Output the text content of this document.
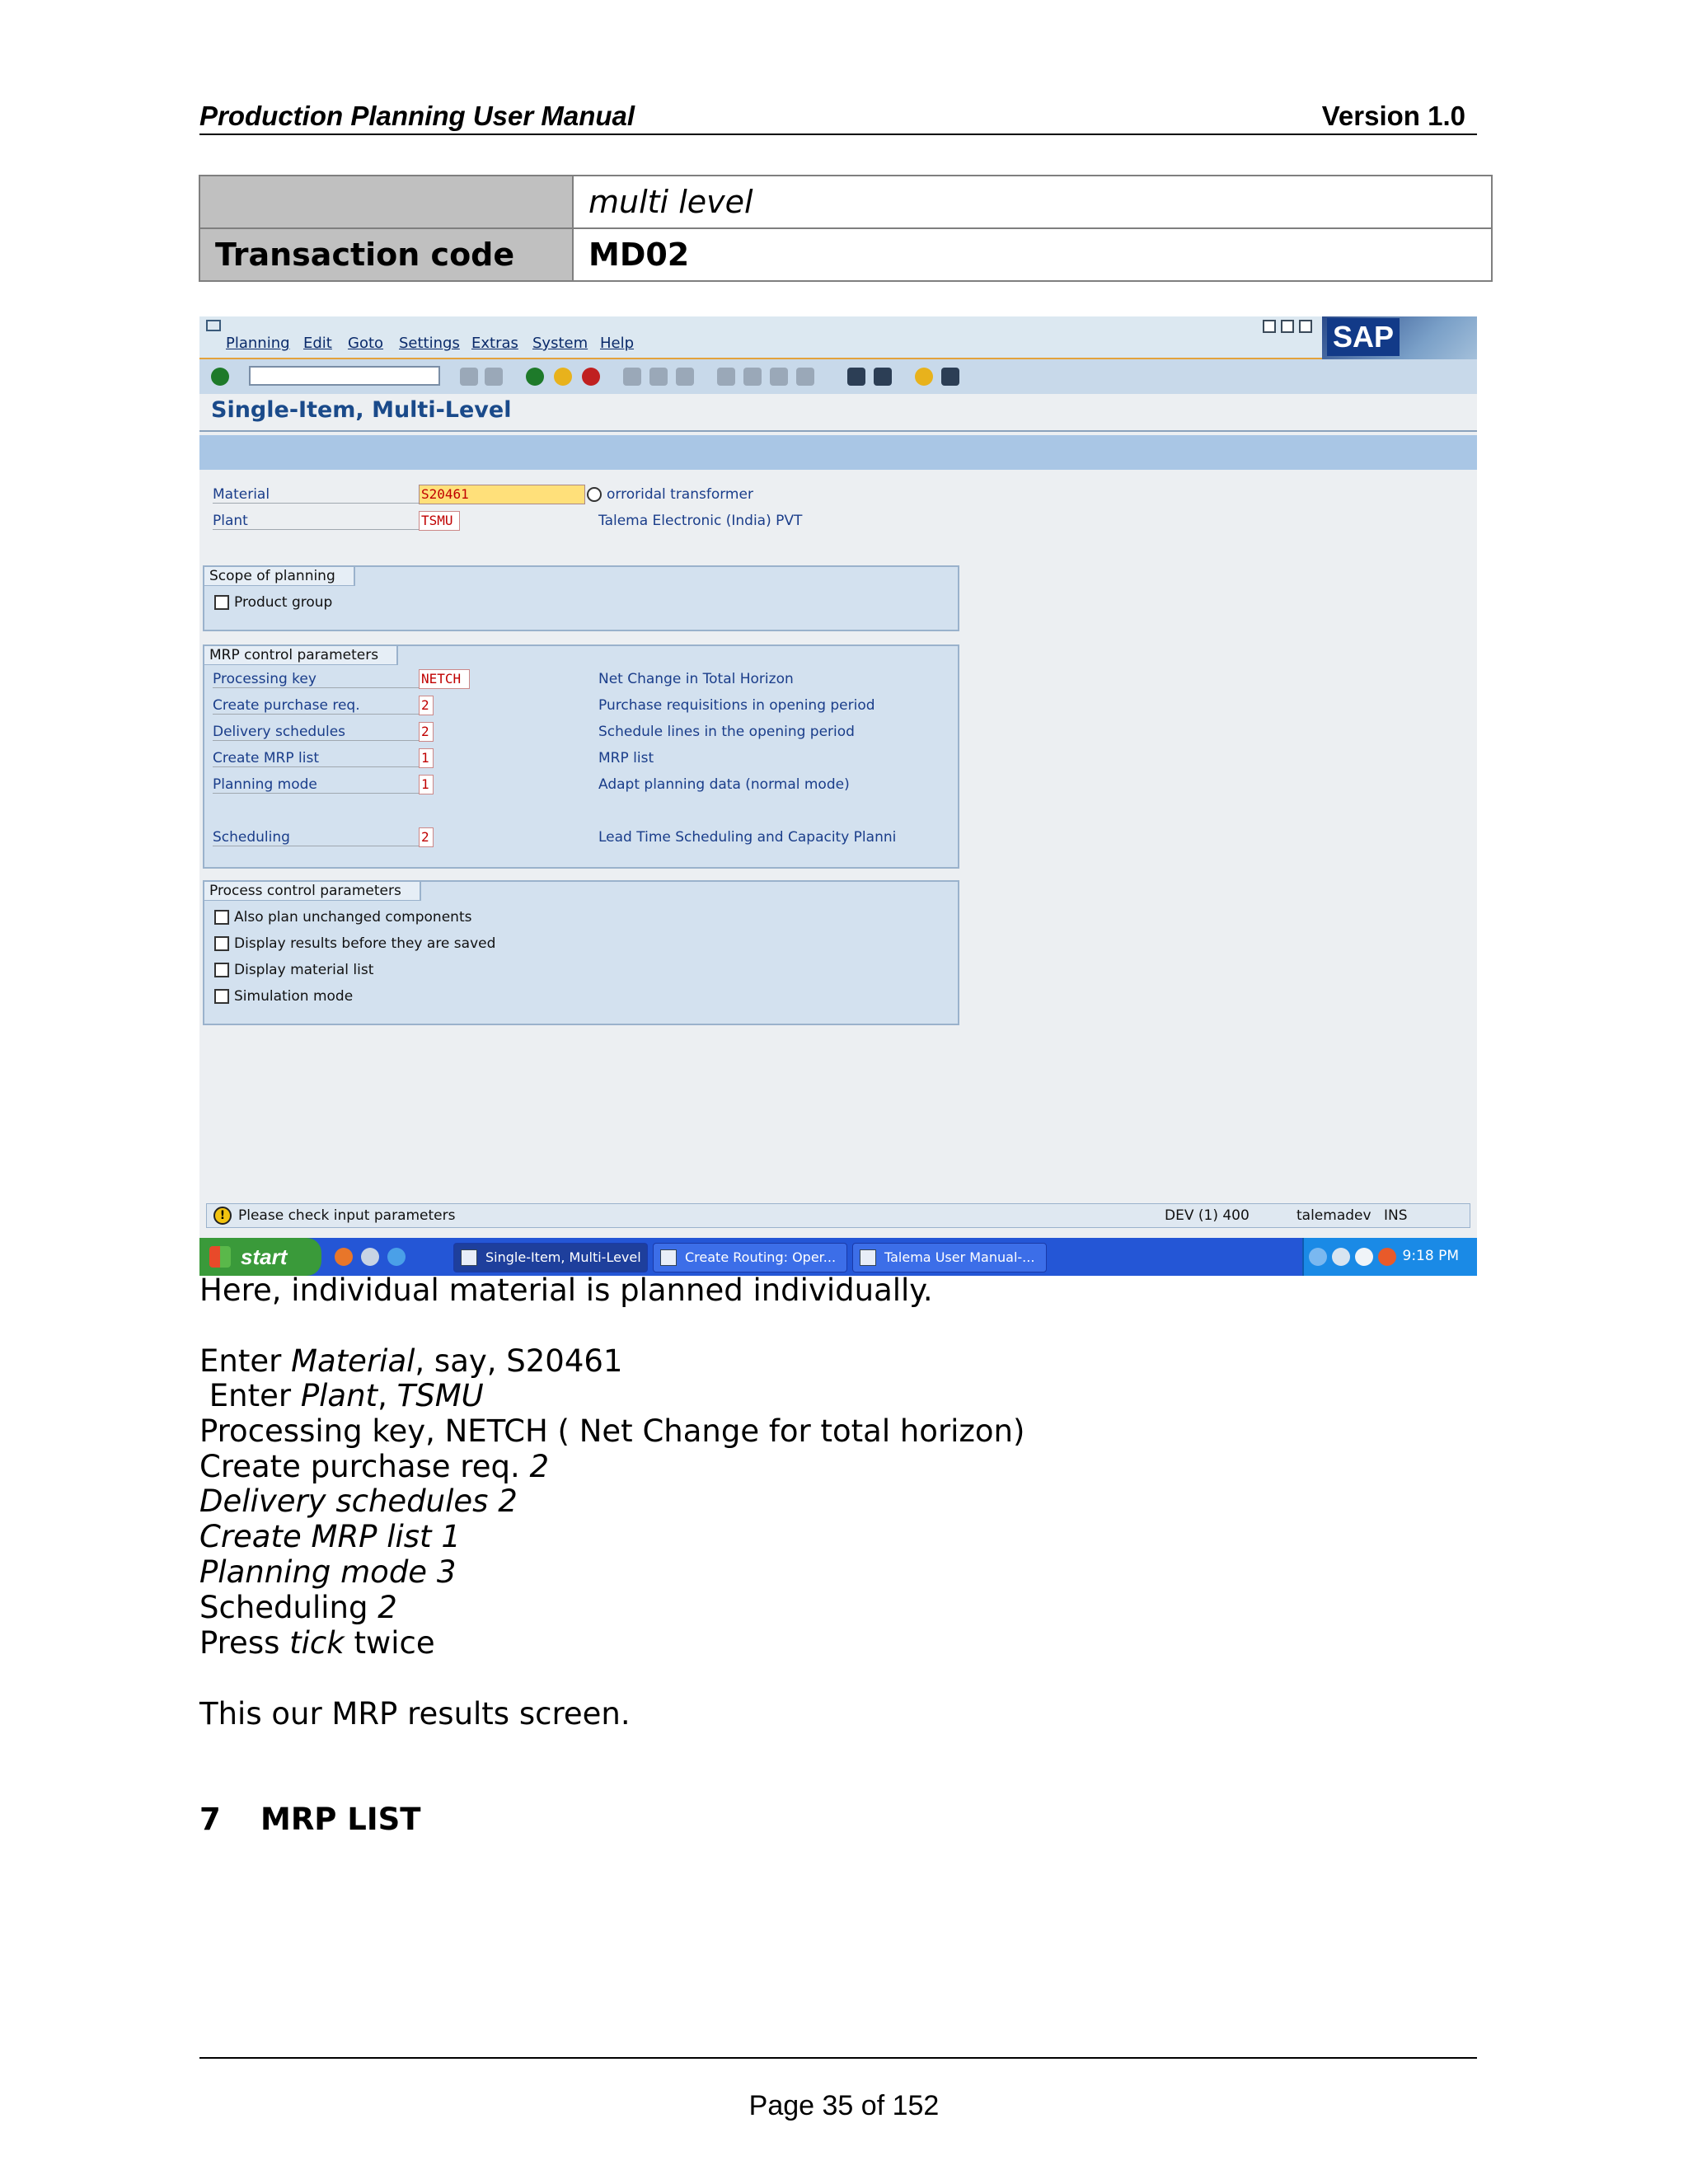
Production Planning User Manual	Version 1.0
	multi level
Transaction code	MD02
Planning Edit Goto Settings Extras System Help	SAP
Single-Item, Multi-Level
Material	S20461	orroridal transformer
Plant	TSMU	Talema Electronic (India) PVT
Scope of planning
Product group
MRP control parameters
Processing key	NETCH	Net Change in Total Horizon
Create purchase req.	2	Purchase requisitions in opening period
Delivery schedules	2	Schedule lines in the opening period
Create MRP list	1	MRP list
Planning mode	1	Adapt planning data (normal mode)
Scheduling	2	Lead Time Scheduling and Capacity Planni
Process control parameters
Also plan unchanged components
Display results before they are saved
Display material list
Simulation mode
! Please check input parameters	DEV (1) 400	talemadev INS
start	Single-Item, Multi-Level	Create Routing: Oper...	Talema User Manual-...	9:18 PM
Here, individual material is planned individually.
Enter Material, say, S20461
Enter Plant, TSMU
Processing key, NETCH ( Net Change for total horizon)
Create purchase req. 2
Delivery schedules 2
Create MRP list 1
Planning mode 3
Scheduling 2
Press tick twice
This our MRP results screen.
7 MRP LIST
Page 35 of 152
